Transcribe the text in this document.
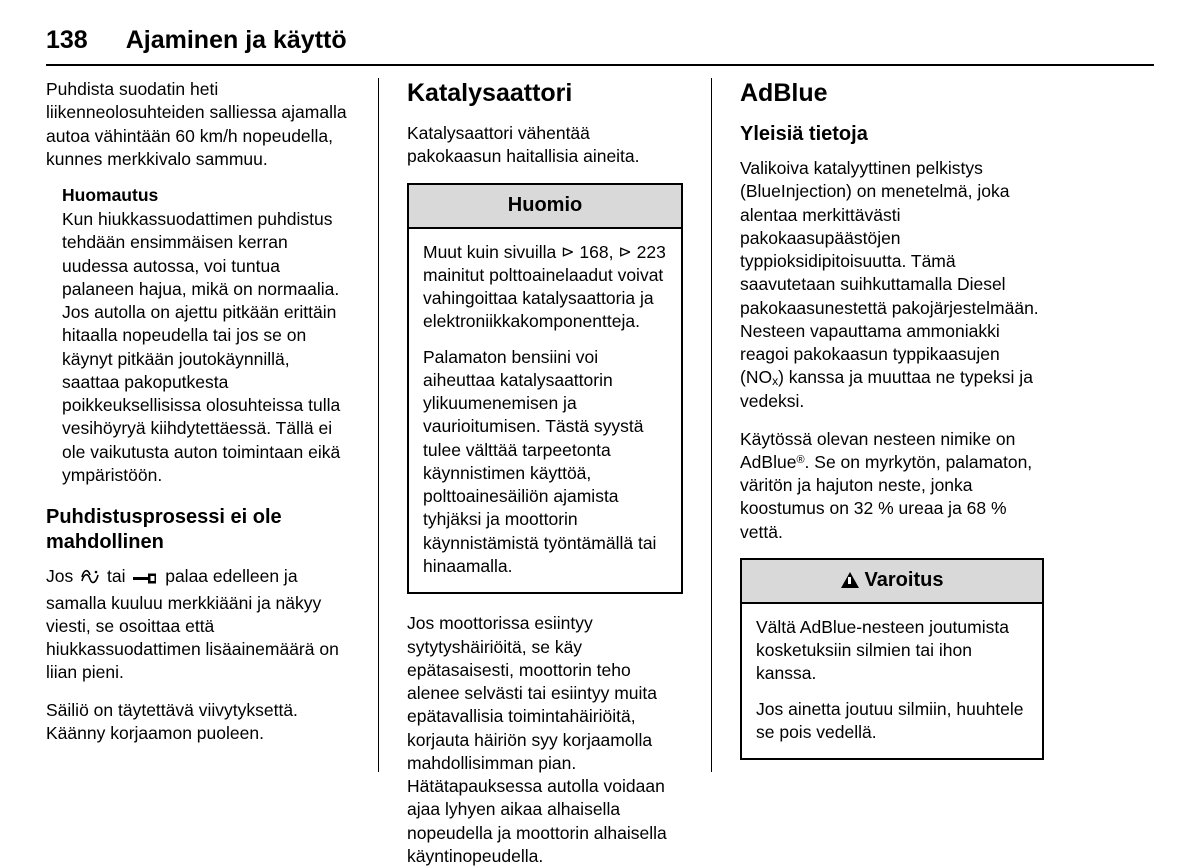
138 Ajaminen ja käyttö

Puhdista suodatin heti liikenneolosuhteiden salliessa ajamalla autoa vähintään 60 km/h nopeudella, kunnes merkkivalo sammuu.

Huomautus

Kun hiukkassuodattimen puhdistus tehdään ensimmäisen kerran uudessa autossa, voi tuntua palaneen hajua, mikä on normaalia. Jos autolla on ajettu pitkään erittäin hitaalla nopeudella tai jos se on käynyt pitkään joutokäynnillä, saattaa pakoputkesta poikkeuksellisissa olosuhteissa tulla vesihöyryä kiihdytettäessä. Tällä ei ole vaikutusta auton toimintaan eikä ympäristöön.

Puhdistusprosessi ei ole mahdollinen

Jos tai palaa edelleen ja samalla kuuluu merkkiääni ja näkyy viesti, se osoittaa että hiukkassuodattimen lisäainemäärä on liian pieni.

Säiliö on täytettävä viivytyksettä. Käänny korjaamon puoleen.

Katalysaattori

Katalysaattori vähentää pakokaasun haitallisia aineita.

Huomio

Muut kuin sivuilla ⊳ 168, ⊳ 223 mainitut polttoainelaadut voivat vahingoittaa katalysaattoria ja elektroniikkakomponentteja.

Palamaton bensiini voi aiheuttaa katalysaattorin ylikuumenemisen ja vaurioitumisen. Tästä syystä tulee välttää tarpeetonta käynnistimen käyttöä, polttoainesäiliön ajamista tyhjäksi ja moottorin käynnistämistä työntämällä tai hinaamalla.

Jos moottorissa esiintyy sytytyshäiriöitä, se käy epätasaisesti, moottorin teho alenee selvästi tai esiintyy muita epätavallisia toimintahäiriöitä, korjauta häiriön syy korjaamolla mahdollisimman pian. Hätätapauksessa autolla voidaan ajaa lyhyen aikaa alhaisella nopeudella ja moottorin alhaisella käyntinopeudella.

AdBlue
Yleisiä tietoja

Valikoiva katalyyttinen pelkistys (BlueInjection) on menetelmä, joka alentaa merkittävästi pakokaasupäästöjen typpioksidipitoisuutta. Tämä saavutetaan suihkuttamalla Diesel pakokaasunestettä pakojärjestelmään. Nesteen vapauttama ammoniakki reagoi pakokaasun typpikaasujen (NOx) kanssa ja muuttaa ne typeksi ja vedeksi.

Käytössä olevan nesteen nimike on AdBlue®. Se on myrkytön, palamaton, väritön ja hajuton neste, jonka koostumus on 32 % ureaa ja 68 % vettä.

Varoitus

Vältä AdBlue-nesteen joutumista kosketuksiin silmien tai ihon kanssa.

Jos ainetta joutuu silmiin, huuhtele se pois vedellä.
